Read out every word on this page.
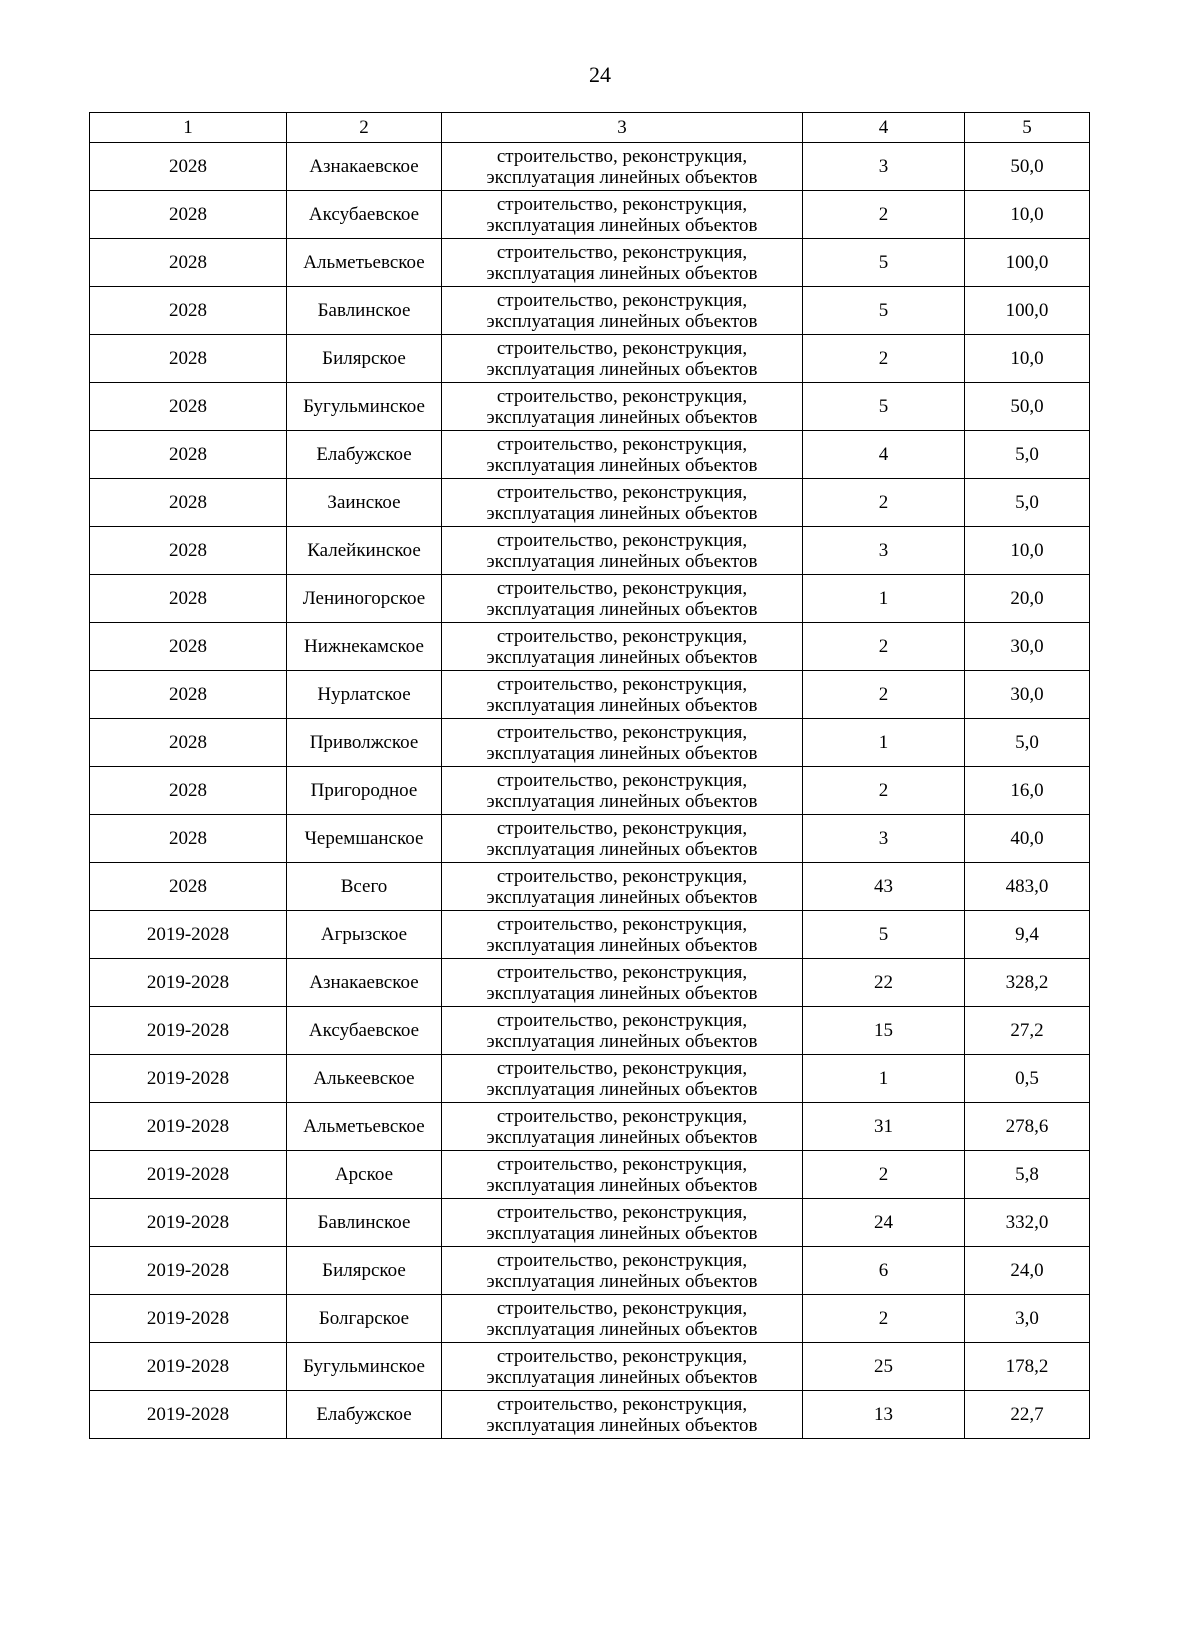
24
1	2	3	4	5
2028	Азнакаевское	строительство, реконструкция,
эксплуатация линейных объектов	3	50,0
2028	Аксубаевское	строительство, реконструкция,
эксплуатация линейных объектов	2	10,0
2028	Альметьевское	строительство, реконструкция,
эксплуатация линейных объектов	5	100,0
2028	Бавлинское	строительство, реконструкция,
эксплуатация линейных объектов	5	100,0
2028	Билярское	строительство, реконструкция,
эксплуатация линейных объектов	2	10,0
2028	Бугульминское	строительство, реконструкция,
эксплуатация линейных объектов	5	50,0
2028	Елабужское	строительство, реконструкция,
эксплуатация линейных объектов	4	5,0
2028	Заинское	строительство, реконструкция,
эксплуатация линейных объектов	2	5,0
2028	Калейкинское	строительство, реконструкция,
эксплуатация линейных объектов	3	10,0
2028	Лениногорское	строительство, реконструкция,
эксплуатация линейных объектов	1	20,0
2028	Нижнекамское	строительство, реконструкция,
эксплуатация линейных объектов	2	30,0
2028	Нурлатское	строительство, реконструкция,
эксплуатация линейных объектов	2	30,0
2028	Приволжское	строительство, реконструкция,
эксплуатация линейных объектов	1	5,0
2028	Пригородное	строительство, реконструкция,
эксплуатация линейных объектов	2	16,0
2028	Черемшанское	строительство, реконструкция,
эксплуатация линейных объектов	3	40,0
2028	Всего	строительство, реконструкция,
эксплуатация линейных объектов	43	483,0
2019-2028	Агрызское	строительство, реконструкция,
эксплуатация линейных объектов	5	9,4
2019-2028	Азнакаевское	строительство, реконструкция,
эксплуатация линейных объектов	22	328,2
2019-2028	Аксубаевское	строительство, реконструкция,
эксплуатация линейных объектов	15	27,2
2019-2028	Алькеевское	строительство, реконструкция,
эксплуатация линейных объектов	1	0,5
2019-2028	Альметьевское	строительство, реконструкция,
эксплуатация линейных объектов	31	278,6
2019-2028	Арское	строительство, реконструкция,
эксплуатация линейных объектов	2	5,8
2019-2028	Бавлинское	строительство, реконструкция,
эксплуатация линейных объектов	24	332,0
2019-2028	Билярское	строительство, реконструкция,
эксплуатация линейных объектов	6	24,0
2019-2028	Болгарское	строительство, реконструкция,
эксплуатация линейных объектов	2	3,0
2019-2028	Бугульминское	строительство, реконструкция,
эксплуатация линейных объектов	25	178,2
2019-2028	Елабужское	строительство, реконструкция,
эксплуатация линейных объектов	13	22,7
